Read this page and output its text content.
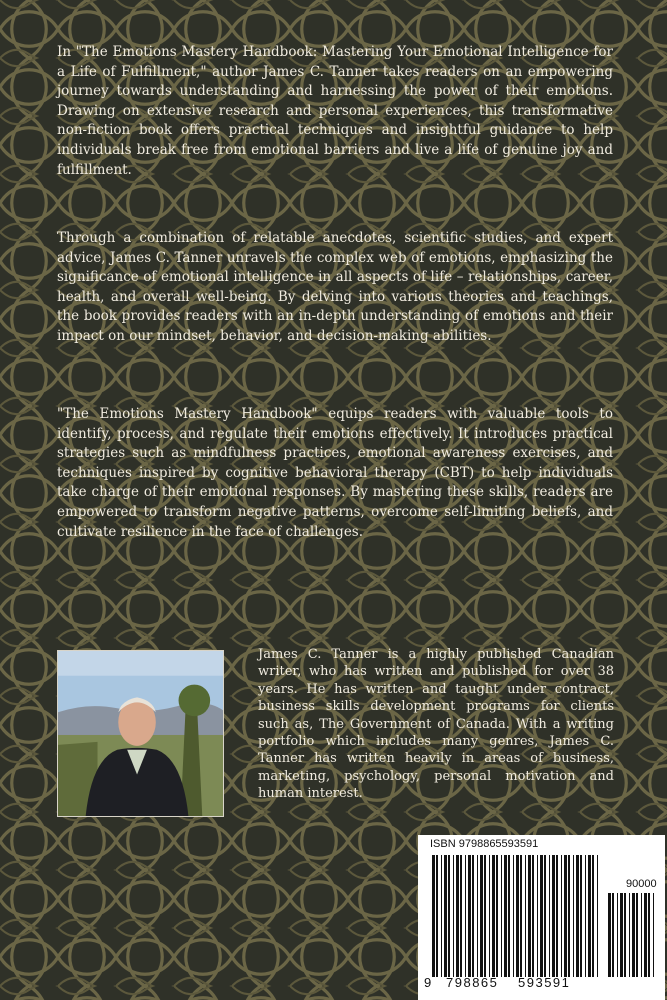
In "The Emotions Mastery Handbook: Mastering Your Emotional Intelligence for a Life of Fulfillment," author James C. Tanner takes readers on an empowering journey towards understanding and harnessing the power of their emotions. Drawing on extensive research and personal experiences, this transformative non-fiction book offers practical techniques and insightful guidance to help individuals break free from emotional barriers and live a life of genuine joy and fulfillment.

Through a combination of relatable anecdotes, scientific studies, and expert advice, James C. Tanner unravels the complex web of emotions, emphasizing the significance of emotional intelligence in all aspects of life – relationships, career, health, and overall well-being. By delving into various theories and teachings, the book provides readers with an in-depth understanding of emotions and their impact on our mindset, behavior, and decision-making abilities.

"The Emotions Mastery Handbook" equips readers with valuable tools to identify, process, and regulate their emotions effectively. It introduces practical strategies such as mindfulness practices, emotional awareness exercises, and techniques inspired by cognitive behavioral therapy (CBT) to help individuals take charge of their emotional responses. By mastering these skills, readers are empowered to transform negative patterns, overcome self-limiting beliefs, and cultivate resilience in the face of challenges.

James C. Tanner is a highly published Canadian writer, who has written and published for over 38 years. He has written and taught under contract, business skills development programs for clients such as, The Government of Canada. With a writing portfolio which includes many genres, James C. Tanner has written heavily in areas of business, marketing, psychology, personal motivation and human interest.

ISBN 9798865593591
90000
9 798865 593591
